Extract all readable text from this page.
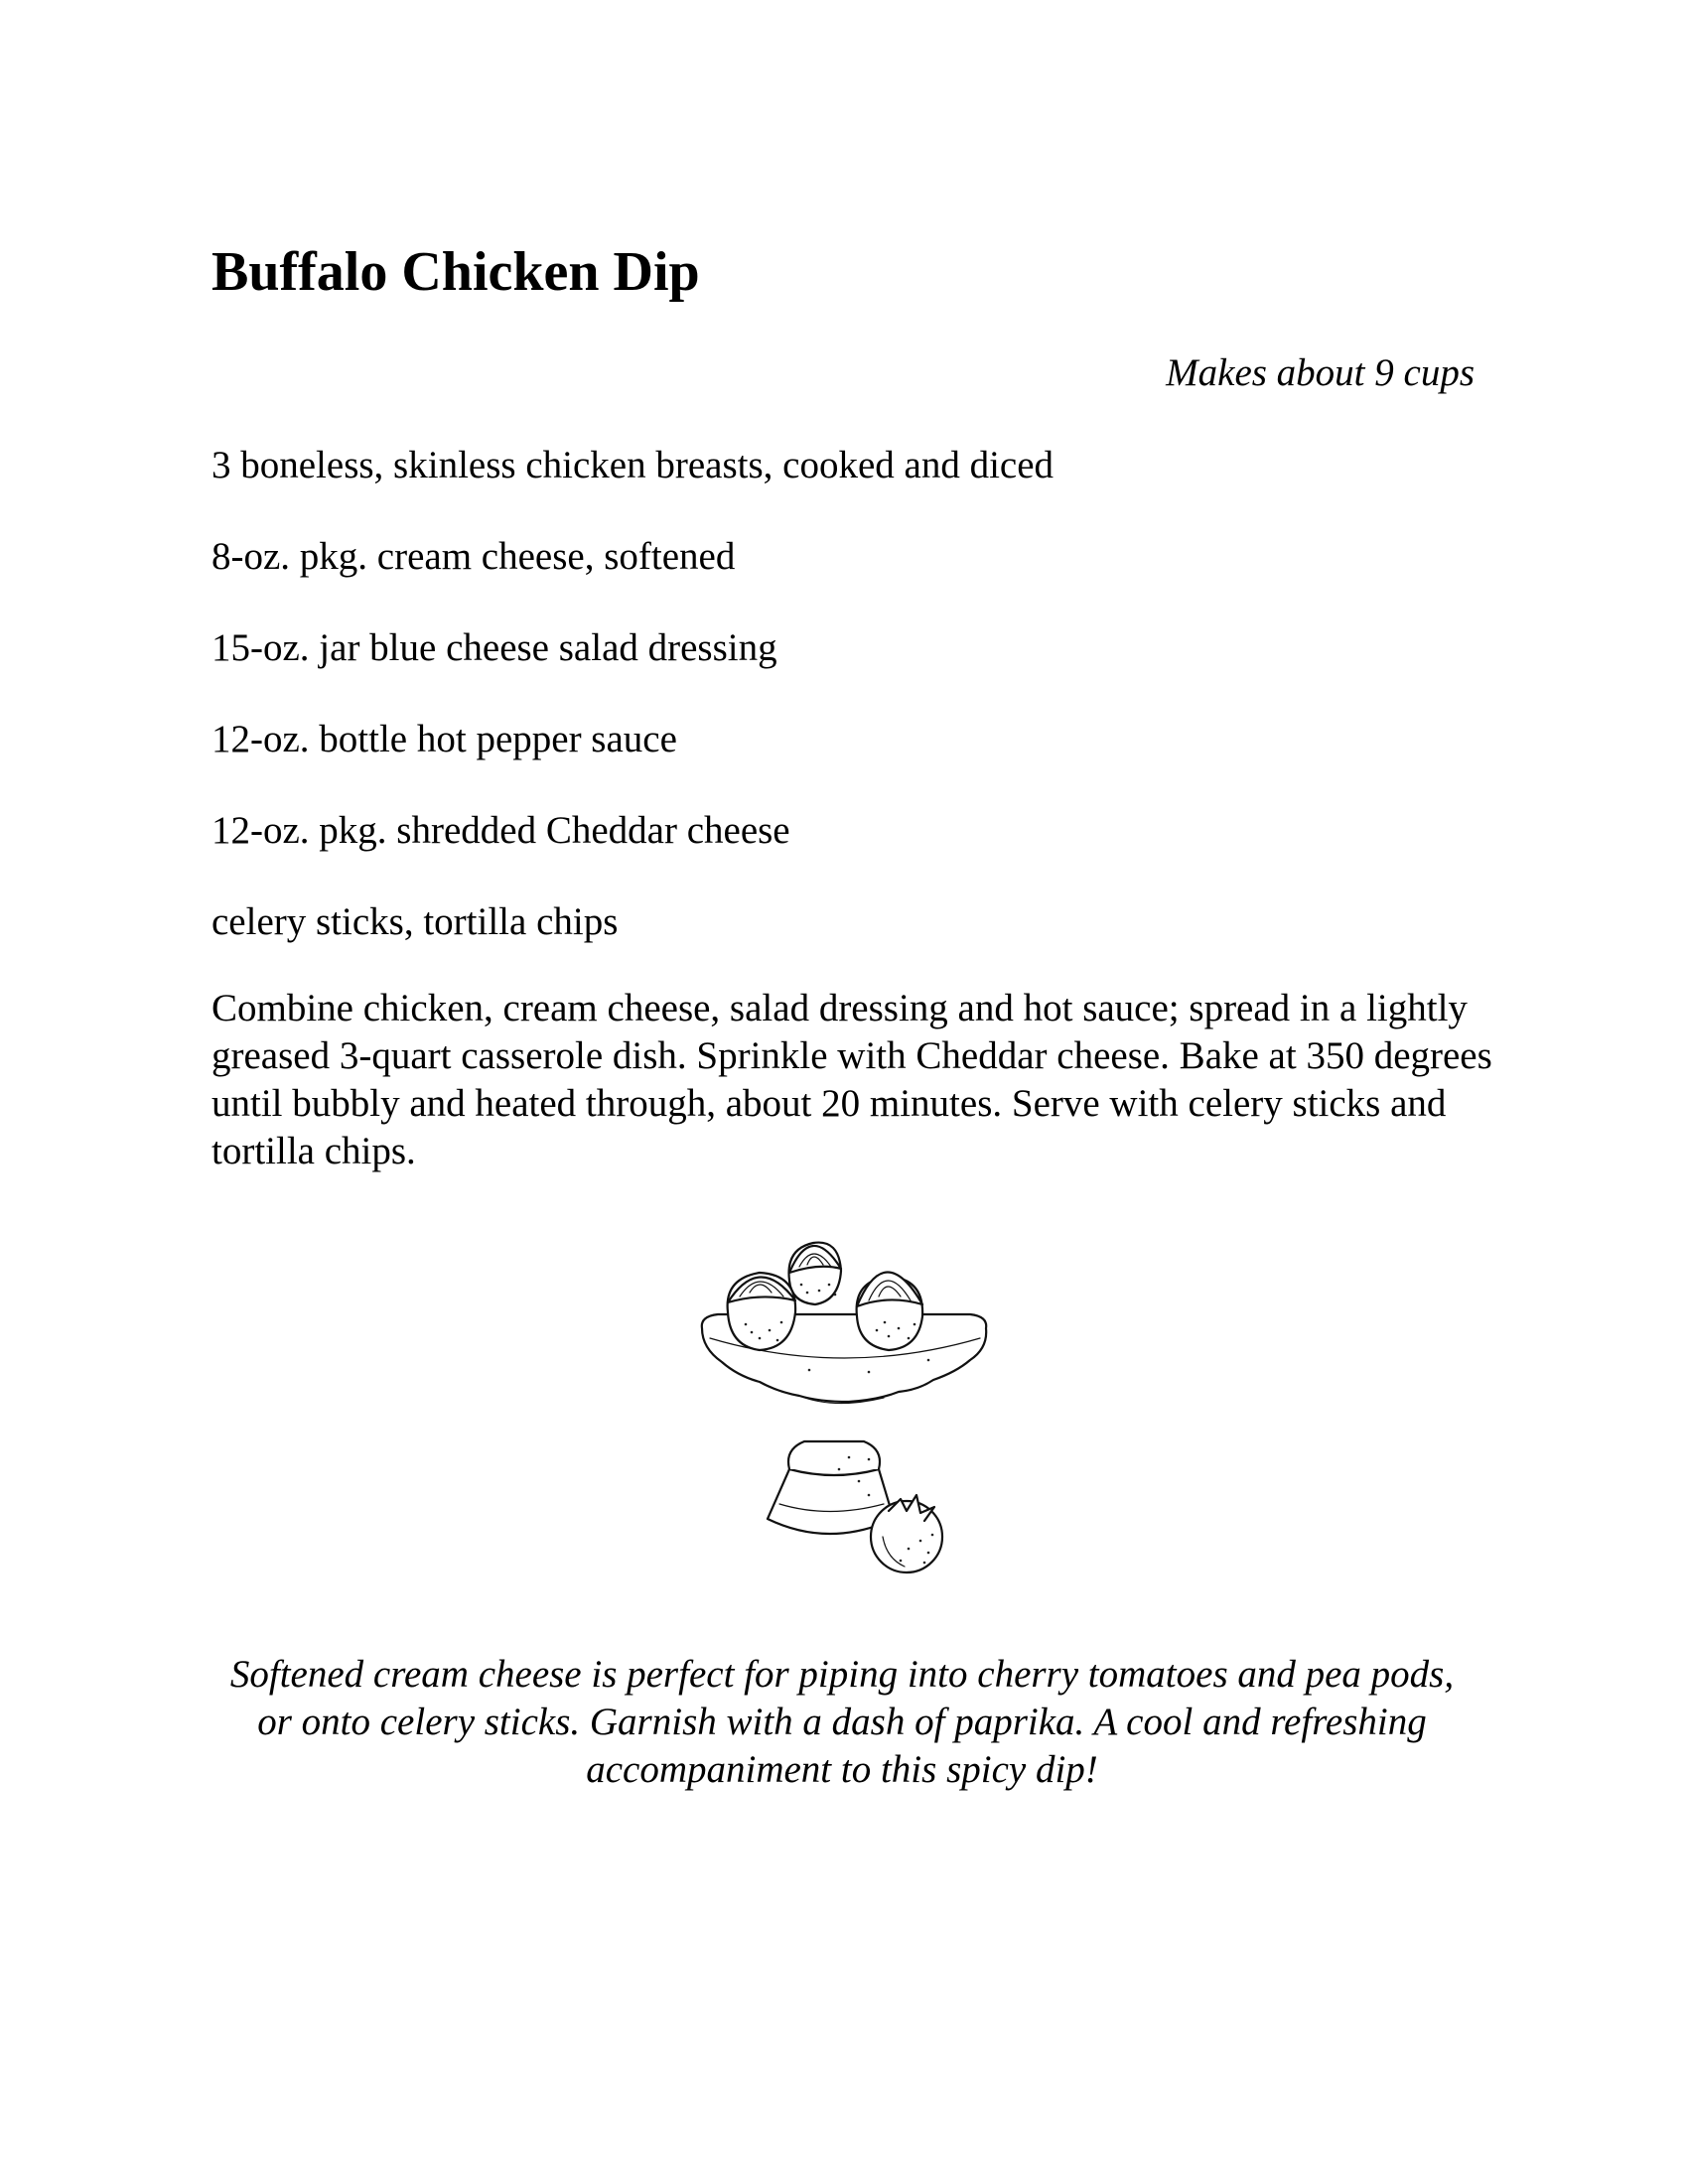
Buffalo Chicken Dip
Makes about 9 cups
3 boneless, skinless chicken breasts, cooked and diced
8-oz. pkg. cream cheese, softened
15-oz. jar blue cheese salad dressing
12-oz. bottle hot pepper sauce
12-oz. pkg. shredded Cheddar cheese
celery sticks, tortilla chips

Combine chicken, cream cheese, salad dressing and hot sauce; spread in a lightly greased 3-quart casserole dish. Sprinkle with Cheddar cheese. Bake at 350 degrees until bubbly and heated through, about 20 minutes. Serve with celery sticks and tortilla chips.

Softened cream cheese is perfect for piping into cherry tomatoes and pea pods, or onto celery sticks. Garnish with a dash of paprika. A cool and refreshing accompaniment to this spicy dip!
